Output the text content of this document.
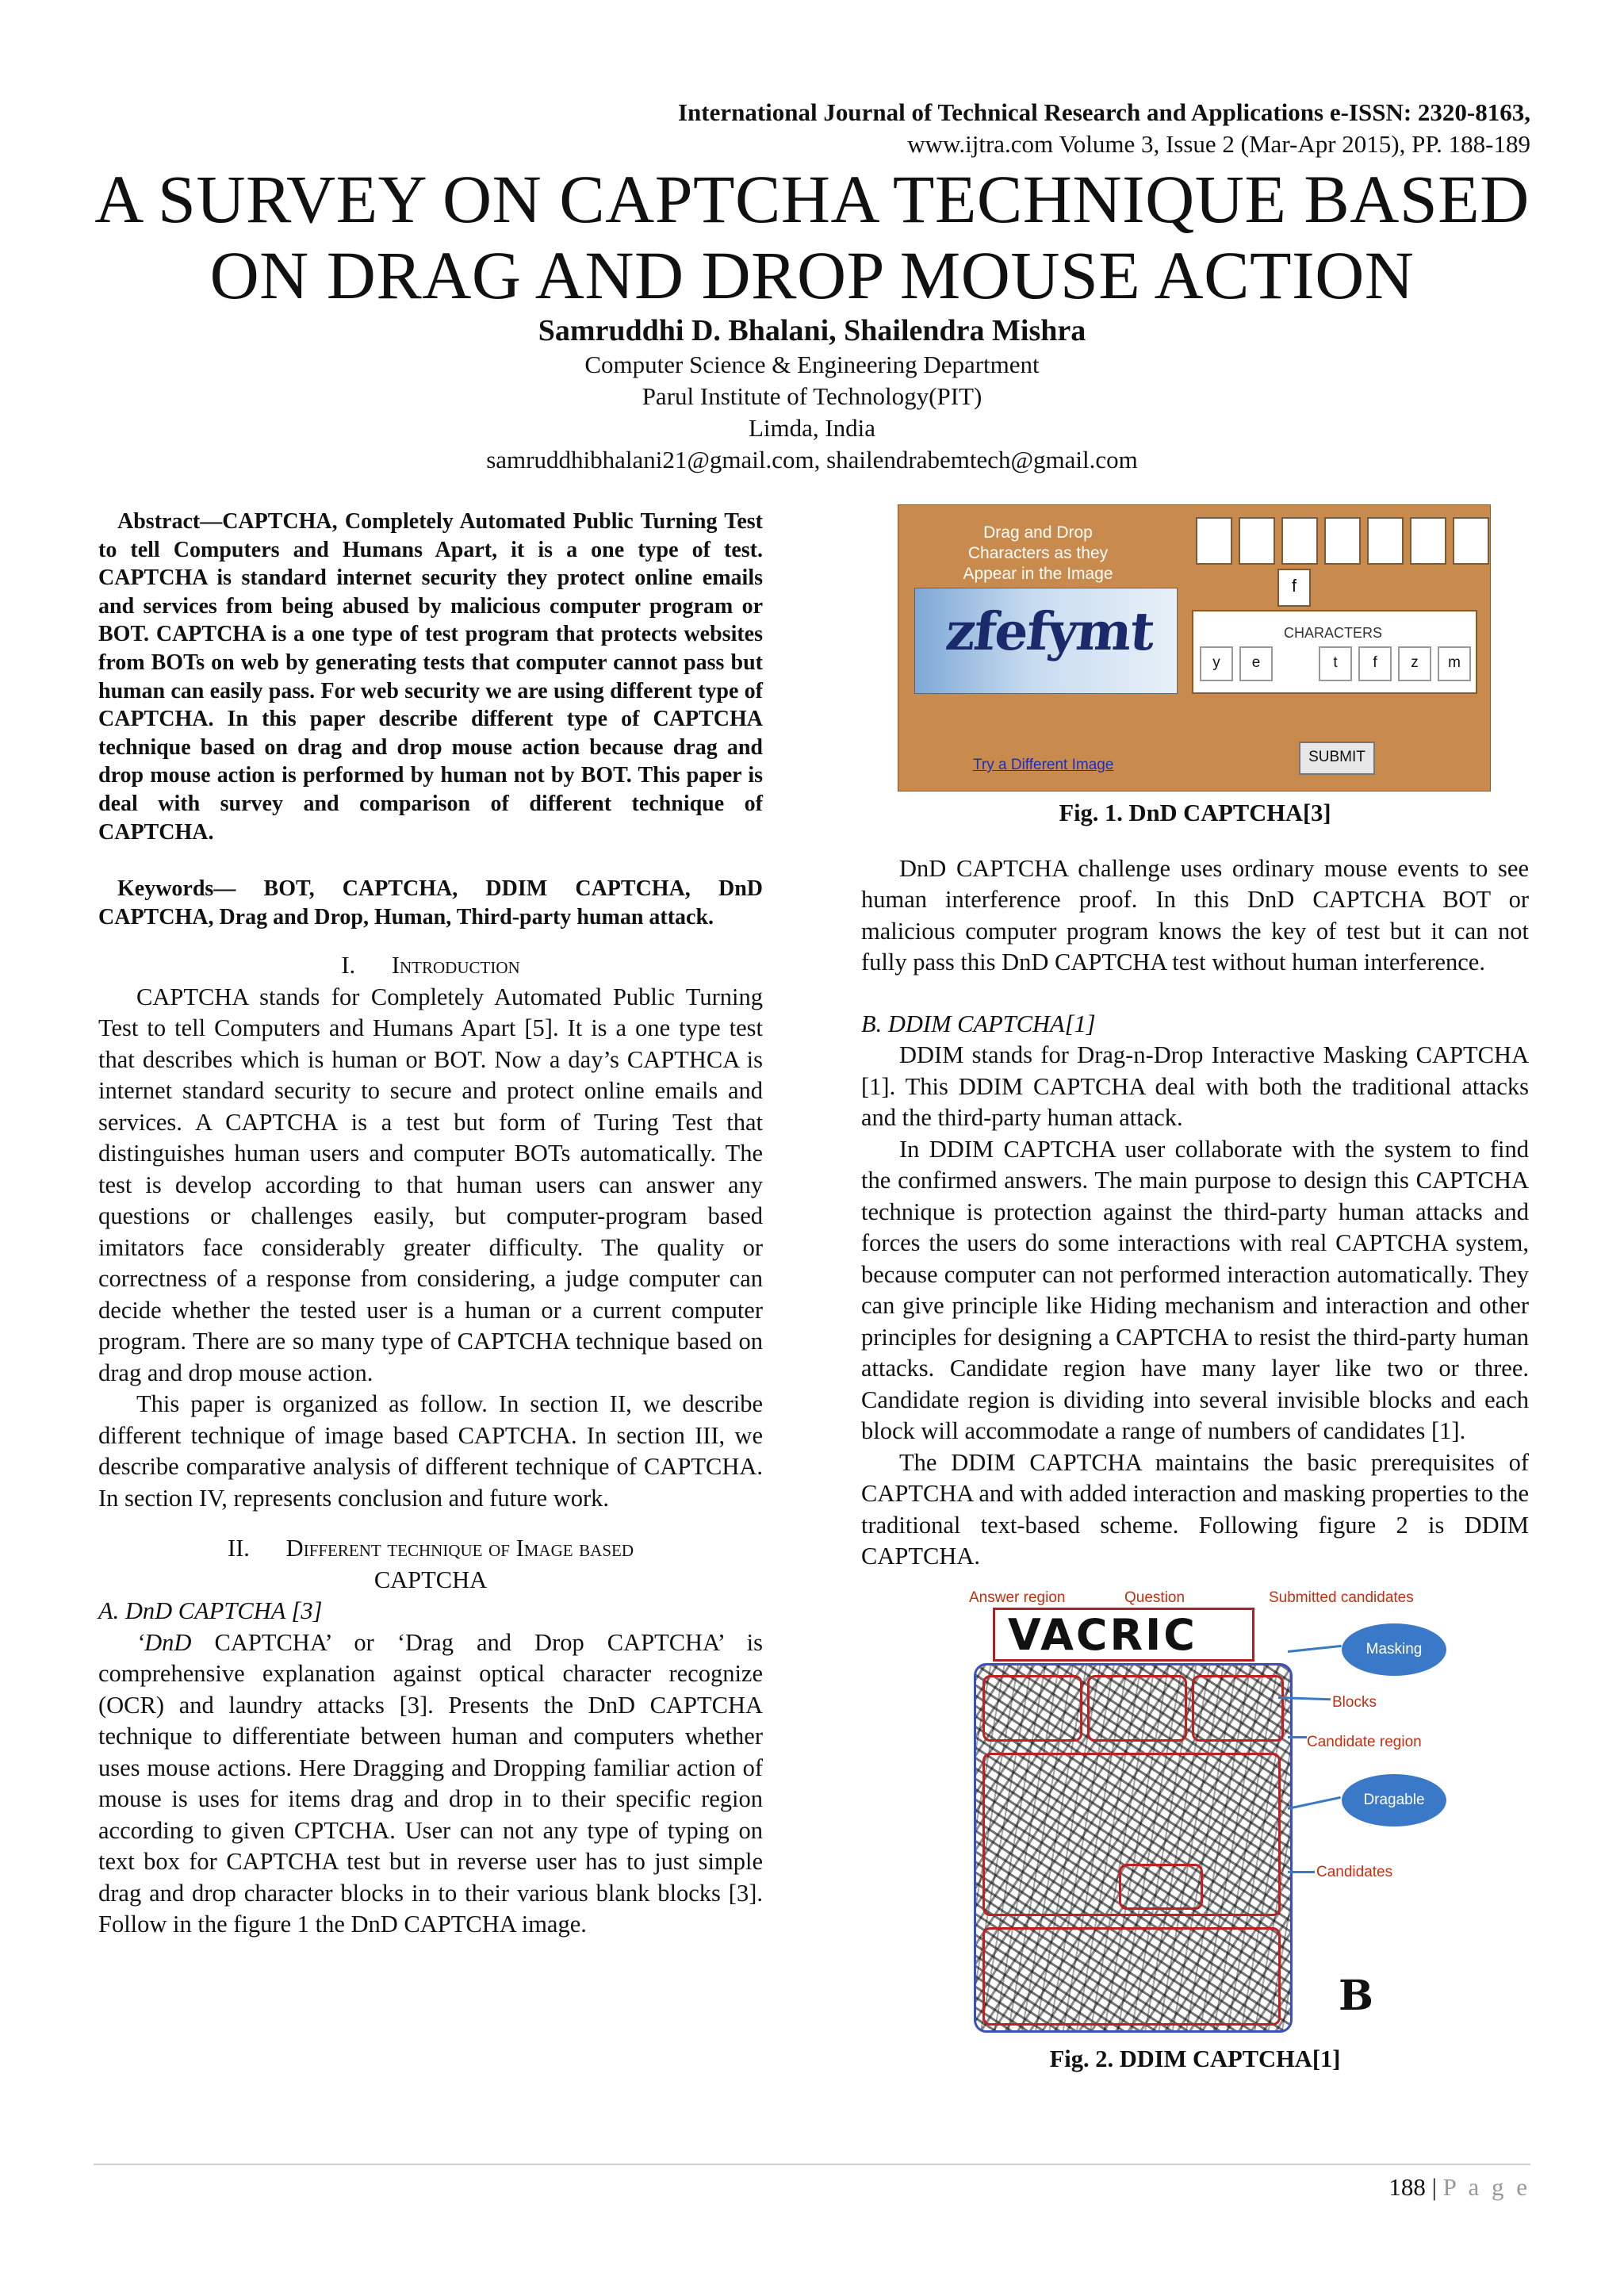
International Journal of Technical Research and Applications e-ISSN: 2320-8163,
www.ijtra.com Volume 3, Issue 2 (Mar-Apr 2015), PP. 188-189
A SURVEY ON CAPTCHA TECHNIQUE BASED
ON DRAG AND DROP MOUSE ACTION
Samruddhi D. Bhalani, Shailendra Mishra
Computer Science & Engineering Department
Parul Institute of Technology(PIT)
Limda, India
samruddhibhalani21@gmail.com, shailendrabemtech@gmail.com

Abstract—CAPTCHA, Completely Automated Public Turning Test to tell Computers and Humans Apart, it is a one type of test. CAPTCHA is standard internet security they protect online emails and services from being abused by malicious computer program or BOT. CAPTCHA is a one type of test program that protects websites from BOTs on web by generating tests that computer cannot pass but human can easily pass. For web security we are using different type of CAPTCHA. In this paper describe different type of CAPTCHA technique based on drag and drop mouse action because drag and drop mouse action is performed by human not by BOT. This paper is deal with survey and comparison of different technique of CAPTCHA.

Keywords— BOT, CAPTCHA, DDIM CAPTCHA, DnD CAPTCHA, Drag and Drop, Human, Third-party human attack.

I. Introduction

CAPTCHA stands for Completely Automated Public Turning Test to tell Computers and Humans Apart [5]. It is a one type test that describes which is human or BOT. Now a day’s CAPTHCA is internet standard security to secure and protect online emails and services. A CAPTCHA is a test but form of Turing Test that distinguishes human users and computer BOTs automatically. The test is develop according to that human users can answer any questions or challenges easily, but computer-program based imitators face considerably greater difficulty. The quality or correctness of a response from considering, a judge computer can decide whether the tested user is a human or a current computer program. There are so many type of CAPTCHA technique based on drag and drop mouse action.

This paper is organized as follow. In section II, we describe different technique of image based CAPTCHA. In section III, we describe comparative analysis of different technique of CAPTCHA. In section IV, represents conclusion and future work.

II. Different technique of Image based
CAPTCHA

A. DnD CAPTCHA [3]

‘DnD CAPTCHA’ or ‘Drag and Drop CAPTCHA’ is comprehensive explanation against optical character recognize (OCR) and laundry attacks [3]. Presents the DnD CAPTCHA technique to differentiate between human and computers whether uses mouse actions. Here Dragging and Dropping familiar action of mouse is uses for items drag and drop in to their specific region according to given CPTCHA. User can not any type of typing on text box for CAPTCHA test but in reverse user has to just simple drag and drop character blocks in to their various blank blocks [3]. Follow in the figure 1 the DnD CAPTCHA image.

Drag and Drop Characters as they Appear in the Image
f
zfefymt	CHARACTERS
y	e	t	f	z	m
Try a Different Image	SUBMIT

Fig. 1. DnD CAPTCHA[3]

DnD CAPTCHA challenge uses ordinary mouse events to see human interference proof. In this DnD CAPTCHA BOT or malicious computer program knows the key of test but it can not fully pass this DnD CAPTCHA test without human interference.

B. DDIM CAPTCHA[1]

DDIM stands for Drag-n-Drop Interactive Masking CAPTCHA [1]. This DDIM CAPTCHA deal with both the traditional attacks and the third-party human attack.

In DDIM CAPTCHA user collaborate with the system to find the confirmed answers. The main purpose to design this CAPTCHA technique is protection against the third-party human attacks and forces the users do some interactions with real CAPTCHA system, because computer can not performed interaction automatically. They can give principle like Hiding mechanism and interaction and other principles for designing a CAPTCHA to resist the third-party human attacks. Candidate region have many layer like two or three. Candidate region is dividing into several invisible blocks and each block will accommodate a range of numbers of candidates [1].

The DDIM CAPTCHA maintains the basic prerequisites of CAPTCHA and with added interaction and masking properties to the traditional text-based scheme. Following figure 2 is DDIM CAPTCHA.

Answer region	Question	Submitted candidates
VACRIC	Masking
Blocks
Candidate region
Dragable
Candidates
B

Fig. 2. DDIM CAPTCHA[1]

188 | P a g e
